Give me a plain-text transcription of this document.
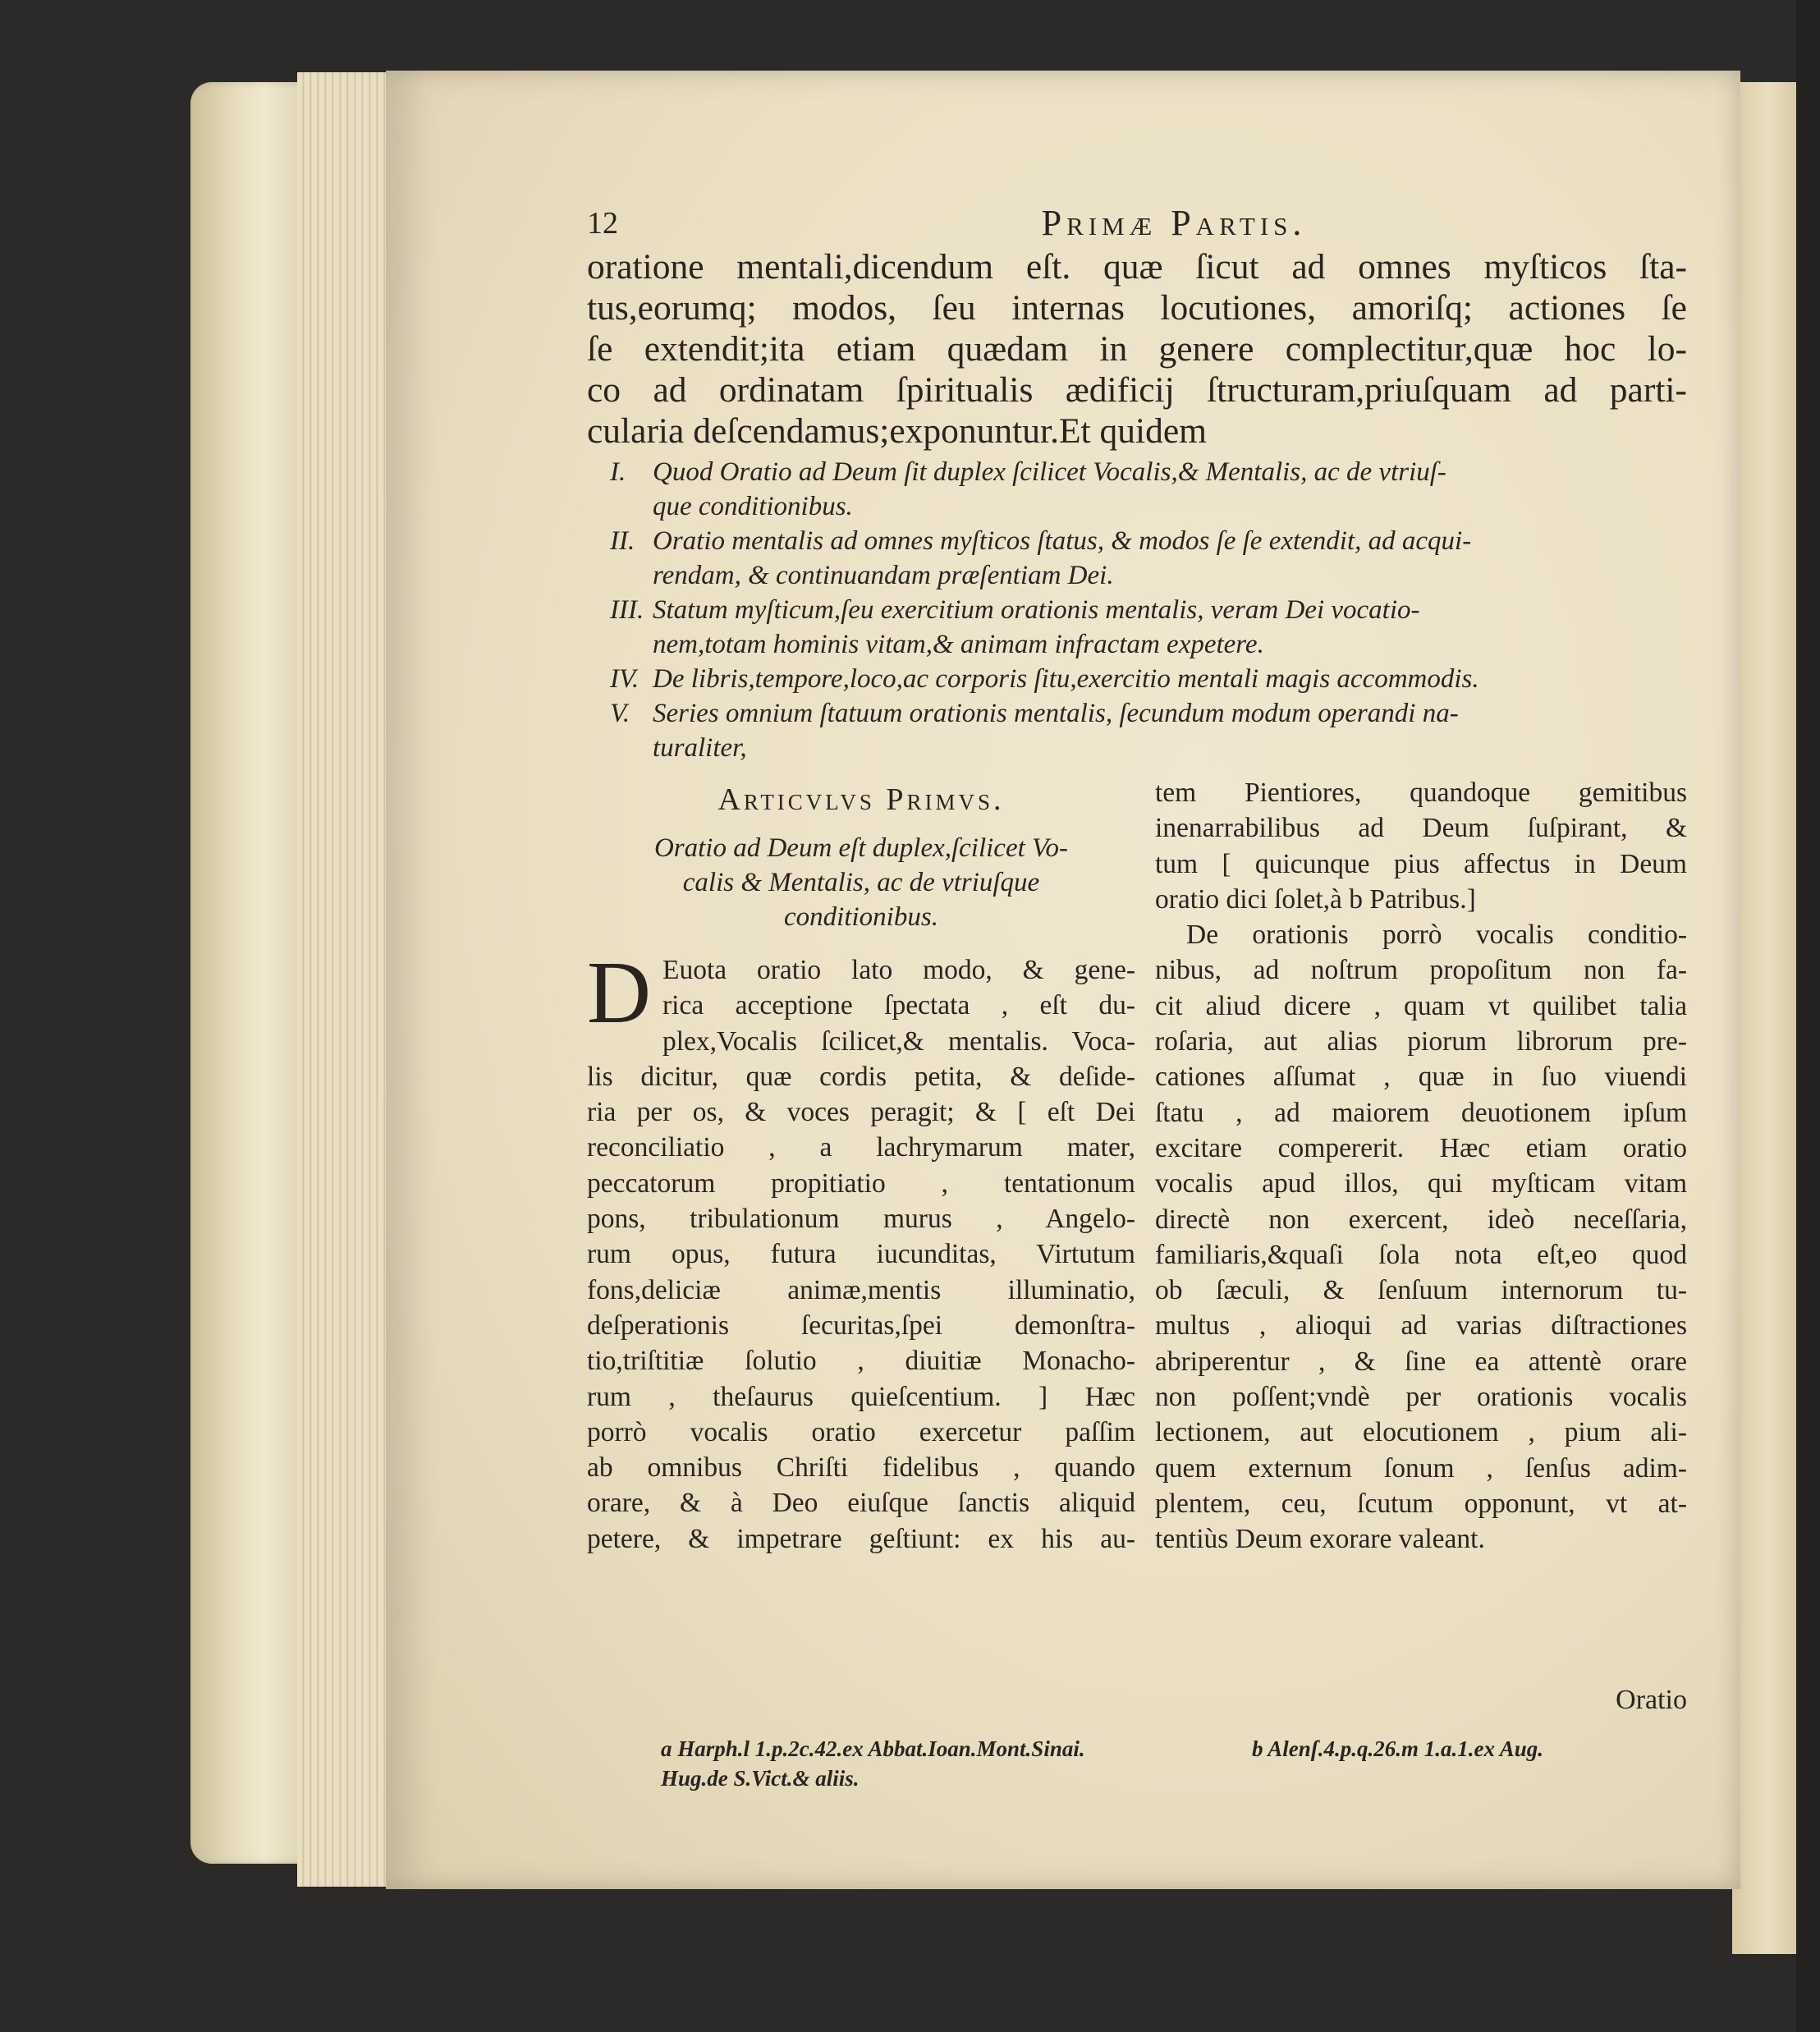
12	Primæ Partis.
oratione mentali,dicendum eſt. quæ ſicut ad omnes myſticos ſta-
tus,eorumq; modos, ſeu internas locutiones, amoriſq; actiones ſe
ſe extendit;ita etiam quædam in genere complectitur,quæ hoc lo-
co ad ordinatam ſpiritualis ædificij ſtructuram,priuſquam ad parti-
cularia deſcendamus;exponuntur.Et quidem
I. Quod Oratio ad Deum ſit duplex ſcilicet Vocalis,& Mentalis, ac de vtriuſ-
que conditionibus.
II. Oratio mentalis ad omnes myſticos ſtatus, & modos ſe ſe extendit, ad acqui-
rendam, & continuandam præſentiam Dei.
III. Statum myſticum,ſeu exercitium orationis mentalis, veram Dei vocatio-
nem,totam hominis vitam,& animam infractam expetere.
IV. De libris,tempore,loco,ac corporis ſitu,exercitio mentali magis accommodis.
V. Series omnium ſtatuum orationis mentalis, ſecundum modum operandi na-
turaliter,
Articvlvs Primvs.
Oratio ad Deum eſt duplex,ſcilicet Vo-
calis & Mentalis, ac de vtriuſque
conditionibus.
D Euota oratio lato modo, & gene-
rica acceptione ſpectata , eſt du-
plex,Vocalis ſcilicet,& mentalis. Voca-
lis dicitur, quæ cordis petita, & deſide-
ria per os, & voces peragit; & [ eſt Dei
reconciliatio , a lachrymarum mater,
peccatorum propitiatio , tentationum
pons, tribulationum murus , Angelo-
rum opus, futura iucunditas, Virtutum
fons,deliciæ animæ,mentis illuminatio,
deſperationis ſecuritas,ſpei demonſtra-
tio,triſtitiæ ſolutio , diuitiæ Monacho-
rum , theſaurus quieſcentium. ] Hæc
porrò vocalis oratio exercetur paſſim
ab omnibus Chriſti fidelibus , quando
orare, & à Deo eiuſque ſanctis aliquid
petere, & impetrare geſtiunt: ex his au-
tem Pientiores, quandoque gemitibus
inenarrabilibus ad Deum ſuſpirant, &
tum [ quicunque pius affectus in Deum
oratio dici ſolet,à b Patribus.]
De orationis porrò vocalis conditio-
nibus, ad noſtrum propoſitum non fa-
cit aliud dicere , quam vt quilibet talia
roſaria, aut alias piorum librorum pre-
cationes aſſumat , quæ in ſuo viuendi
ſtatu , ad maiorem deuotionem ipſum
excitare compererit. Hæc etiam oratio
vocalis apud illos, qui myſticam vitam
directè non exercent, ideò neceſſaria,
familiaris,&quaſi ſola nota eſt,eo quod
ob ſæculi, & ſenſuum internorum tu-
multus , alioqui ad varias diſtractiones
abriperentur , & ſine ea attentè orare
non poſſent;vndè per orationis vocalis
lectionem, aut elocutionem , pium ali-
quem externum ſonum , ſenſus adim-
plentem, ceu, ſcutum opponunt, vt at-
tentiùs Deum exorare valeant.
Oratio
a Harph.l 1.p.2c.42.ex Abbat.Ioan.Mont.Sinai.
Hug.de S.Vict.& aliis.
b Alenſ.4.p.q.26.m 1.a.1.ex Aug.
